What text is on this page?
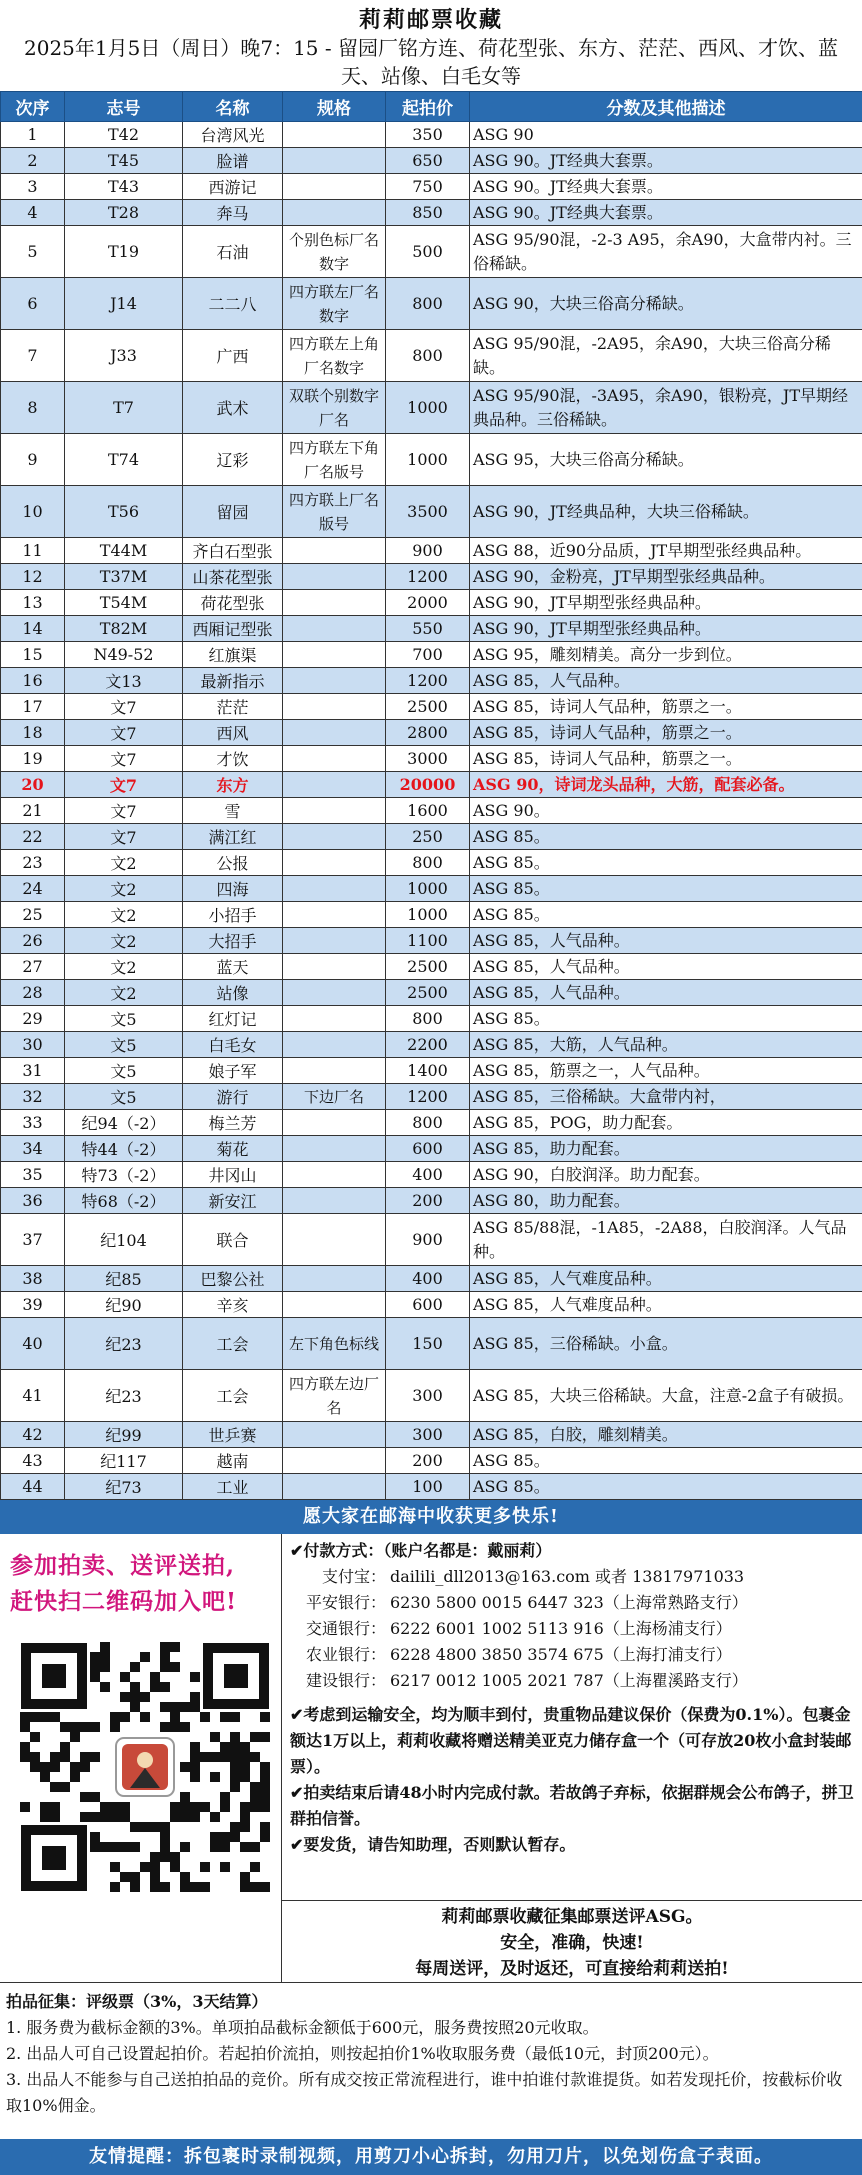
莉莉邮票收藏
2025年1月5日（周日）晚7：15 - 留园厂铭方连、荷花型张、东方、茫茫、西风、才饮、蓝天、站像、白毛女等
次序	志号	名称	规格	起拍价	分数及其他描述
1	T42	台湾风光		350	ASG 90
2	T45	脸谱		650	ASG 90。JT经典大套票。
3	T43	西游记		750	ASG 90。JT经典大套票。
4	T28	奔马		850	ASG 90。JT经典大套票。
5	T19	石油	个别色标厂名数字	500	ASG 95/90混，-2-3 A95，余A90，大盒带内衬。三俗稀缺。
6	J14	二二八	四方联左厂名数字	800	ASG 90，大块三俗高分稀缺。
7	J33	广西	四方联左上角厂名数字	800	ASG 95/90混，-2A95，余A90，大块三俗高分稀缺。
8	T7	武术	双联个别数字厂名	1000	ASG 95/90混，-3A95，余A90，银粉亮，JT早期经典品种。三俗稀缺。
9	T74	辽彩	四方联左下角厂名版号	1000	ASG 95，大块三俗高分稀缺。
10	T56	留园	四方联上厂名版号	3500	ASG 90，JT经典品种，大块三俗稀缺。
11	T44M	齐白石型张		900	ASG 88，近90分品质，JT早期型张经典品种。
12	T37M	山茶花型张		1200	ASG 90，金粉亮，JT早期型张经典品种。
13	T54M	荷花型张		2000	ASG 90，JT早期型张经典品种。
14	T82M	西厢记型张		550	ASG 90，JT早期型张经典品种。
15	N49-52	红旗渠		700	ASG 95，雕刻精美。高分一步到位。
16	文13	最新指示		1200	ASG 85，人气品种。
17	文7	茫茫		2500	ASG 85，诗词人气品种，筋票之一。
18	文7	西风		2800	ASG 85，诗词人气品种，筋票之一。
19	文7	才饮		3000	ASG 85，诗词人气品种，筋票之一。
20	文7	东方		20000	ASG 90，诗词龙头品种，大筋，配套必备。
21	文7	雪		1600	ASG 90。
22	文7	满江红		250	ASG 85。
23	文2	公报		800	ASG 85。
24	文2	四海		1000	ASG 85。
25	文2	小招手		1000	ASG 85。
26	文2	大招手		1100	ASG 85，人气品种。
27	文2	蓝天		2500	ASG 85，人气品种。
28	文2	站像		2500	ASG 85，人气品种。
29	文5	红灯记		800	ASG 85。
30	文5	白毛女		2200	ASG 85，大筋，人气品种。
31	文5	娘子军		1400	ASG 85，筋票之一，人气品种。
32	文5	游行	下边厂名	1200	ASG 85，三俗稀缺。大盒带内衬，
33	纪94（-2）	梅兰芳		800	ASG 85，POG，助力配套。
34	特44（-2）	菊花		600	ASG 85，助力配套。
35	特73（-2）	井冈山		400	ASG 90，白胶润泽。助力配套。
36	特68（-2）	新安江		200	ASG 80，助力配套。
37	纪104	联合		900	ASG 85/88混，-1A85，-2A88，白胶润泽。人气品种。
38	纪85	巴黎公社		400	ASG 85，人气难度品种。
39	纪90	辛亥		600	ASG 85，人气难度品种。
40	纪23	工会	左下角色标线	150	ASG 85，三俗稀缺。小盒。
41	纪23	工会	四方联左边厂名	300	ASG 85，大块三俗稀缺。大盒，注意-2盒子有破损。
42	纪99	世乒赛		300	ASG 85，白胶，雕刻精美。
43	纪117	越南		200	ASG 85。
44	纪73	工业		100	ASG 85。
愿大家在邮海中收获更多快乐!
参加拍卖、送评送拍,
赶快扫二维码加入吧!
✔付款方式：（账户名都是：戴丽莉）
支付宝： dailili_dll2013@163.com 或者 13817971033
平安银行： 6230 5800 0015 6447 323（上海常熟路支行）
交通银行： 6222 6001 1002 5113 916（上海杨浦支行）
农业银行： 6228 4800 3850 3574 675（上海打浦支行）
建设银行： 6217 0012 1005 2021 787（上海瞿溪路支行）

✔考虑到运输安全，均为顺丰到付，贵重物品建议保价（保费为0.1%）。包裹金额达1万以上，莉莉收藏将赠送精美亚克力储存盒一个（可存放20枚小盒封装邮票）。

✔拍卖结束后请48小时内完成付款。若故鸽子弃标，依据群规会公布鸽子，拼卫群拍信誉。

✔要发货，请告知助理，否则默认暂存。

莉莉邮票收藏征集邮票送评ASG。
安全，准确，快速!
每周送评，及时返还，可直接给莉莉送拍!
拍品征集：评级票（3%，3天结算）
1. 服务费为截标金额的3%。单项拍品截标金额低于600元，服务费按照20元收取。
2. 出品人可自己设置起拍价。若起拍价流拍，则按起拍价1%收取服务费（最低10元，封顶200元）。
3. 出品人不能参与自己送拍拍品的竞价。所有成交按正常流程进行，谁中拍谁付款谁提货。如若发现托价，按截标价收取10%佣金。
友情提醒：拆包裹时录制视频，用剪刀小心拆封，勿用刀片，以免划伤盒子表面。
